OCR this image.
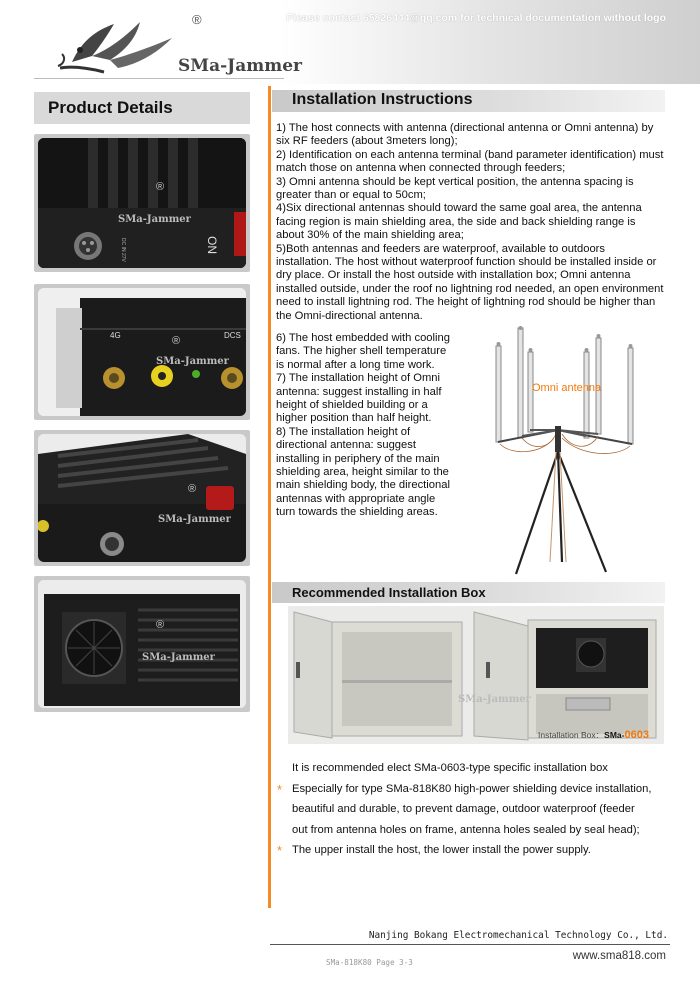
Please contact 65826444@qq.com for technical documentation without logo
®
SMa-Jammer
Product Details
ON
DC IN 27V
®
SMa-Jammer
4G	DCS
®
SMa-Jammer
®
SMa-Jammer
®
SMa-Jammer
Installation Instructions

1) The host connects with antenna (directional antenna or Omni antenna) by six RF feeders (about 3meters long);

2) Identification on each antenna terminal (band parameter identification) must match those on antenna when connected through feeders;

3) Omni antenna should be kept vertical position, the antenna spacing is greater than or equal to 50cm;

4)Six directional antennas should toward the same goal area, the antenna facing region is main shielding area, the side and back shielding range is about 30% of the main shielding area;

5)Both antennas and feeders are waterproof, available to outdoors installation. The host without waterproof function should be installed inside or dry place. Or install the host outside with installation box; Omni antenna installed outside, under the roof no lightning rod needed, an open environment need to install lightning rod. The height of lightning rod should be higher than the Omni-directional antenna.

6) The host embedded with cooling fans. The higher shell temperature is normal after a long time work.

7) The installation height of Omni antenna: suggest installing in half height of shielded building or a higher position than half height.

8) The installation height of directional antenna: suggest installing in periphery of the main shielding area, height similar to the main shielding body, the directional antennas with appropriate angle turn towards the shielding areas.

Omni antenna
Recommended Installation Box
SMa-Jammer
Installation Box：SMa-0603
It is recommended elect SMa-0603-type specific installation box
* Especially for type SMa-818K80 high-power shielding device installation,
beautiful and durable, to prevent damage, outdoor waterproof (feeder
out from antenna holes on frame, antenna holes sealed by seal head);
* The upper install the host, the lower install the power supply.
Nanjing Bokang Electromechanical Technology Co., Ltd.
SMa-818K80 Page 3-3
www.sma818.com
